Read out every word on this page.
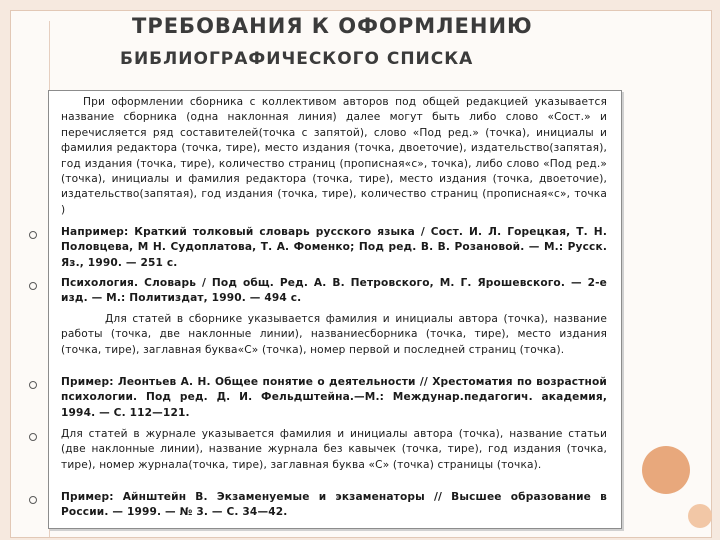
ТРЕБОВАНИЯ К ОФОРМЛЕНИЮ
БИБЛИОГРАФИЧЕСКОГО СПИСКА
При оформлении сборника с коллективом авторов под общей редакцией указывается название сборника (одна наклонная линия) далее могут быть либо слово «Сост.» и перечисляется ряд составителей(точка с запятой), слово «Под ред.» (точка), инициалы и фамилия редактора (точка, тире), место издания (точка, двоеточие), издательство(запятая), год издания (точка, тире), количество страниц (прописная«с», точка), либо слово «Под ред.» (точка), инициалы и фамилия редактора (точка, тире), место издания (точка, двоеточие), издательство(запятая), год издания (точка, тире), количество страниц (прописная«с», точка )
Например: Краткий толковый словарь русского языка / Сост. И. Л. Горецкая, Т. Н. Половцева, М Н. Судоплатова, Т. А. Фоменко; Под ред. В. В. Розановой. — М.: Русск. Яз., 1990. — 251 с.
Психология. Словарь / Под общ. Ред. А. В. Петровского, М. Г. Ярошевского. — 2-е изд. — М.: Политиздат, 1990. — 494 с.
Для статей в сборнике указывается фамилия и инициалы автора (точка), название работы (точка, две наклонные линии), названиесборника (точка, тире), место издания (точка, тире), заглавная буква«С» (точка), номер первой и последней страниц (точка).
Пример: Леонтьев А. Н. Общее понятие о деятельности // Хрестоматия по возрастной психологии. Под ред. Д. И. Фельдштейна.—М.: Междунар.педагогич. академия, 1994. — С. 112—121.
Для статей в журнале указывается фамилия и инициалы автора (точка), название статьи (две наклонные линии), название журнала без кавычек (точка, тире), год издания (точка, тире), номер журнала(точка, тире), заглавная буква «С» (точка) страницы (точка).
Пример: Айнштейн В. Экзаменуемые и экзаменаторы // Высшее образование в России. — 1999. — № 3. — С. 34—42.
